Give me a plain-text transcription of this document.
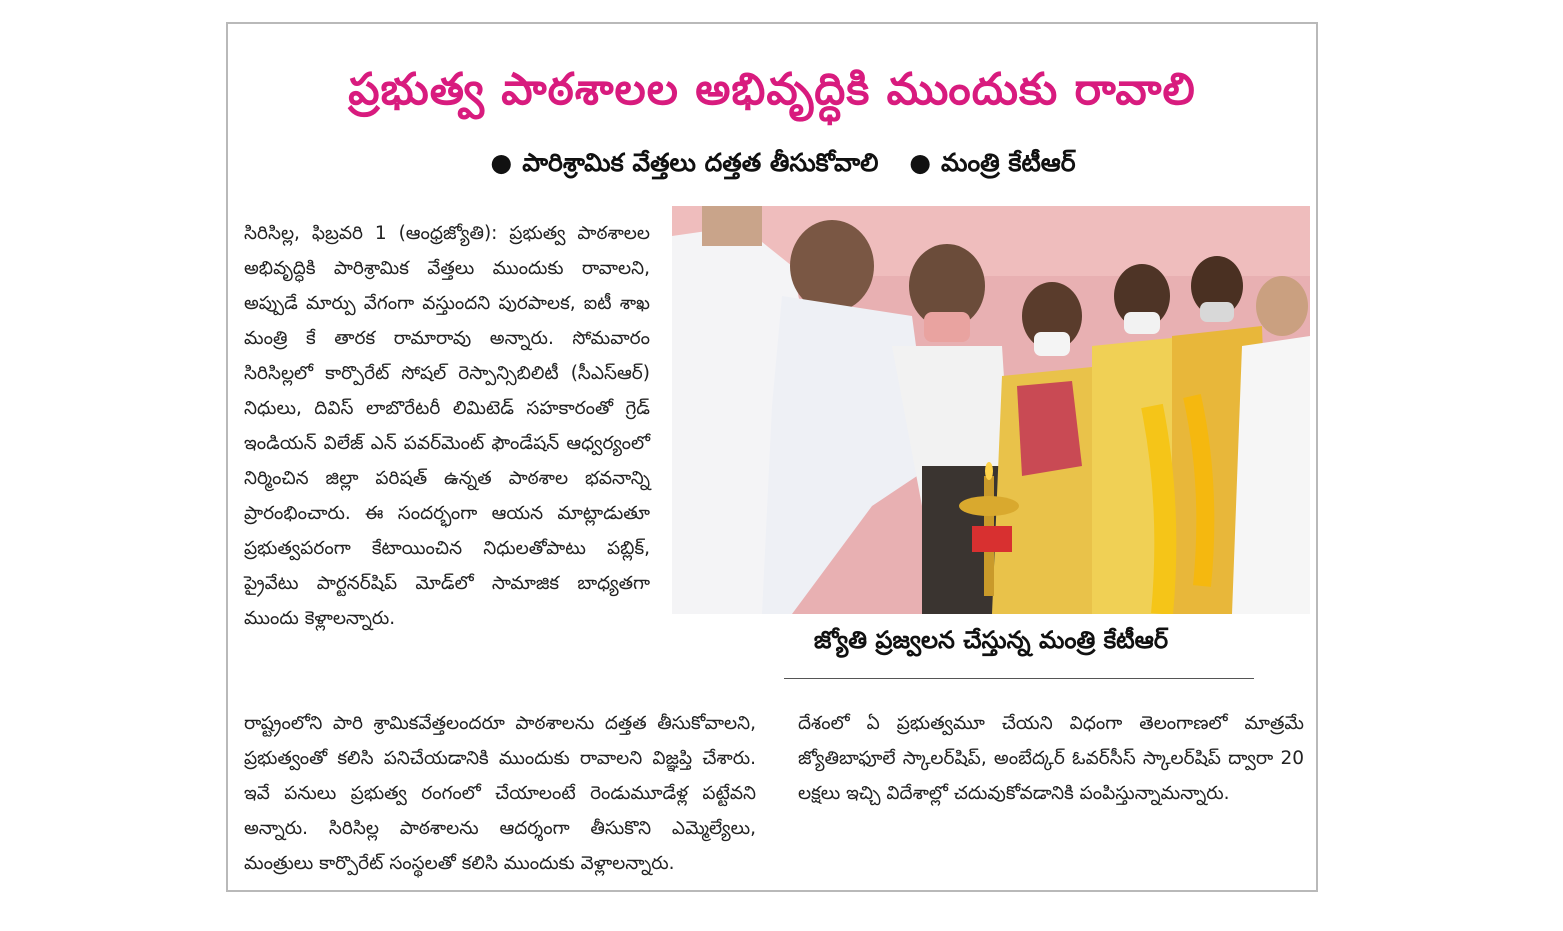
ప్రభుత్వ పాఠశాలల అభివృద్ధికి ముందుకు రావాలి

● పారిశ్రామిక వేత్తలు దత్తత తీసుకోవాలి ● మంత్రి కేటీఆర్

సిరిసిల్ల, ఫిబ్రవరి 1 (ఆంధ్రజ్యోతి): ప్రభుత్వ పాఠశాలల అభివృద్ధికి పారిశ్రామిక వేత్తలు ముందుకు రావాలని, అప్పుడే మార్పు వేగంగా వస్తుందని పురపాలక, ఐటీ శాఖ మంత్రి కే తారక రామారావు అన్నారు. సోమవారం సిరిసిల్లలో కార్పొరేట్ సోషల్ రెస్పాన్సిబిలిటీ (సీఎస్ఆర్) నిధులు, దివిస్ లాబొరేటరీ లిమిటెడ్ సహకారంతో గ్రెడ్ ఇండియన్ విలేజ్ ఎన్ పవర్‌మెంట్ ఫౌండేషన్ ఆధ్వర్యంలో నిర్మించిన జిల్లా పరిషత్ ఉన్నత పాఠశాల భవనాన్ని ప్రారంభించారు. ఈ సందర్భంగా ఆయన మాట్లాడుతూ ప్రభుత్వపరంగా కేటాయించిన నిధులతోపాటు పబ్లిక్, ప్రైవేటు పార్టనర్‌షిప్ మోడ్‌లో సామాజిక బాధ్యతగా ముందు కెళ్లాలన్నారు.

జ్యోతి ప్రజ్వలన చేస్తున్న మంత్రి కేటీఆర్

రాష్ట్రంలోని పారి శ్రామికవేత్తలందరూ పాఠశాలను దత్తత తీసుకోవాలని, ప్రభుత్వంతో కలిసి పనిచేయడానికి ముందుకు రావాలని విజ్ఞప్తి చేశారు. ఇవే పనులు ప్రభుత్వ రంగంలో చేయాలంటే రెండుమూడేళ్ల పట్టేవని అన్నారు. సిరిసిల్ల పాఠశాలను ఆదర్శంగా తీసుకొని ఎమ్మెల్యేలు, మంత్రులు కార్పొరేట్ సంస్థలతో కలిసి ముందుకు వెళ్లాలన్నారు.

దేశంలో ఏ ప్రభుత్వమూ చేయని విధంగా తెలంగాణలో మాత్రమే జ్యోతిబాఫూలే స్కాలర్‌షిప్, అంబేద్కర్ ఓవర్‌సీస్ స్కాలర్‌షిప్ ద్వారా 20 లక్షలు ఇచ్చి విదేశాల్లో చదువుకోవడానికి పంపిస్తున్నామన్నారు.
